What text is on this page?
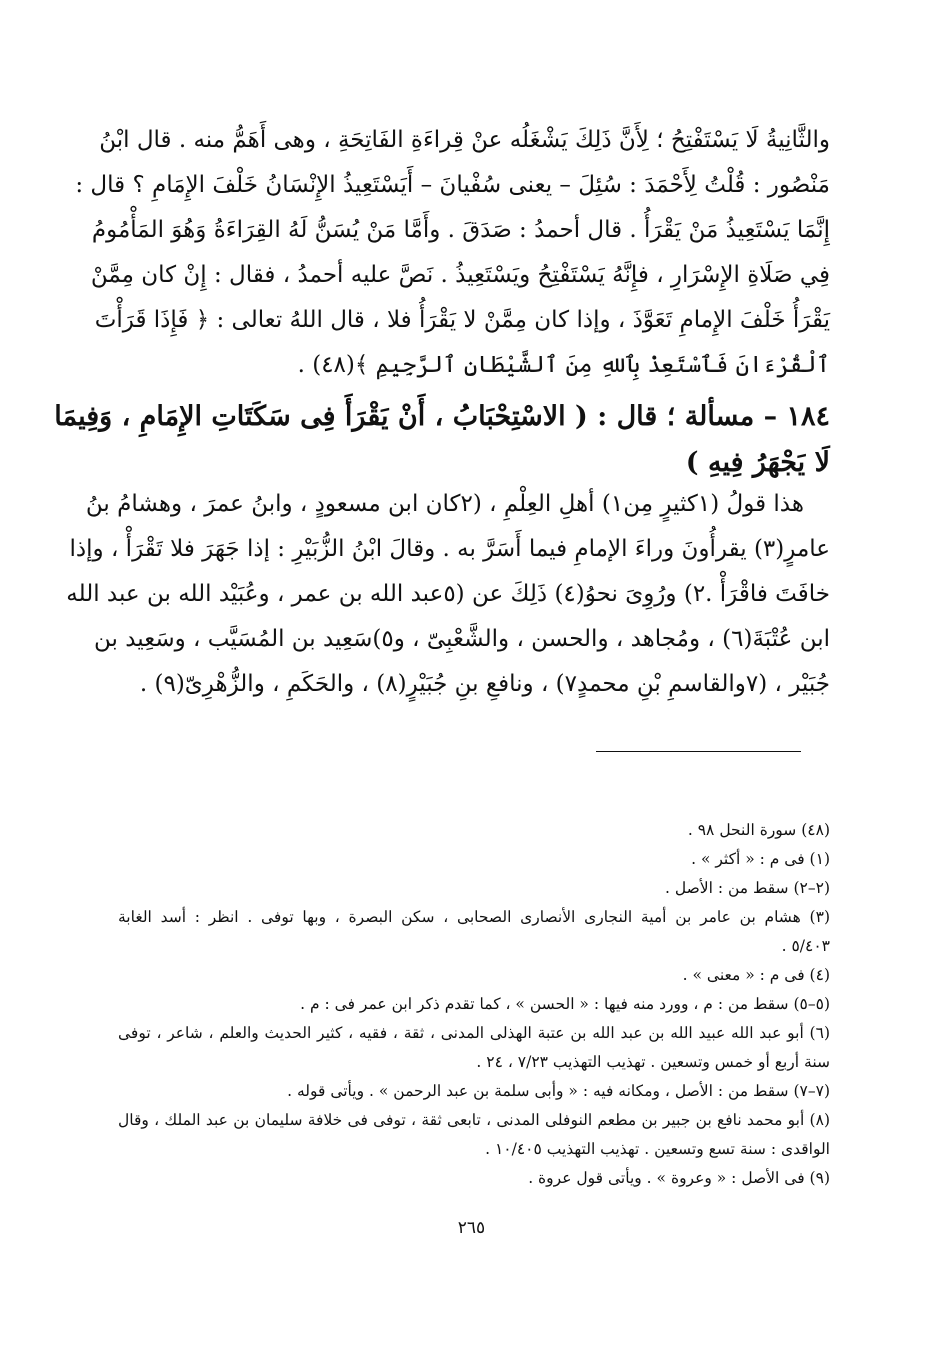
والثَّانِيةُ لَا يَسْتَفْتِحُ ؛ لِأَنَّ ذَلِكَ يَشْغَلُه عنْ قِراءَةِ الفَاتِحَةِ ، وهى أَهَمُّ منه . قال ابْنُ
مَنْصُور : قُلْتُ لِأَحْمَدَ : سُئِلَ – يعنى سُفْيانَ – أَيَسْتَعِيذُ الإِنْسَانُ خَلْفَ الإِمَامِ ؟ قال :
إِنَّمَا يَسْتَعِيذُ مَنْ يَقْرَأُ . قال أحمدُ : صَدَقَ . وأَمَّا مَنْ يُسَنُّ لَهُ القِرَاءَةُ وَهُوَ المَأْمُومُ
فِي صَلَاةِ الإِسْرَارِ ، فإِنَّهُ يَسْتَفْتِحُ ويَسْتَعِيذُ . نَصَّ عليه أحمدُ ، فقال : إِنْ كان مِمَّنْ
يَقْرَأُ خَلْفَ الإِمامِ تَعَوَّذَ ، وإذا كان مِمَّنْ لا يَقْرَأُ فلا ، قال اللهُ تعالى : ﴿ فَإِذَا قَرَأْتَ
ٱلْقُرْءَانَ فَٱسْتَعِذْ بِٱللهِ مِنَ ٱلشَّيْطَانِ ٱلرَّجِيمِ ﴾(٤٨) .
١٨٤ – مسألة ؛ قال : ( الاسْتِحْبَابُ ، أَنْ يَقْرَأَ فِى سَكَتَاتِ الإِمَامِ ، وَفِيمَا
لَا يَجْهَرُ فِيهِ )
هذا قولُ (١كثيرٍ مِن١) أهلِ العِلْمِ ، (٢كان ابن مسعودٍ ، وابنُ عمرَ ، وهشامُ بنُ
عامرٍ(٣) يقرأُونَ وراءَ الإمامِ فيما أَسَرَّ به . وقالَ ابْنُ الزُّبَيْرِ : إذا جَهَرَ فلا تَقْرَأْ ، وإذا
خافَتَ فاقْرَأْ .٢) ورُوِىَ نحوُ(٤) ذَلِكَ عن (٥عبد الله بن عمر ، وعُبَيْد الله بن عبد الله
ابن عُتْبَةَ(٦) ، ومُجاهد ، والحسن ، والشَّعْبِىّ ، و٥)سَعِيد بن المُسَيَّب ، وسَعِيد بن
جُبَيْر ، (٧والقاسمِ بْنِ محمدٍ٧) ، ونافعِ بنِ جُبَيْرٍ(٨) ، والحَكَمِ ، والزُّهْرِىّ(٩) .
(٤٨) سورة النحل ٩٨ .
(١) فى م : « أكثر » .
(٢–٢) سقط من : الأصل .
(٣) هشام بن عامر بن أمية النجارى الأنصارى الصحابى ، سكن البصرة ، وبها توفى . انظر : أسد الغابة
٥/٤٠٣ .
(٤) فى م : « معنى » .
(٥–٥) سقط من : م ، وورد منه فيها : « الحسن » ، كما تقدم ذكر ابن عمر فى : م .
(٦) أبو عبد الله عبيد الله بن عبد الله بن عتبة الهذلى المدنى ، ثقة ، فقيه ، كثير الحديث والعلم ، شاعر ، توفى
سنة أربع أو خمس وتسعين . تهذيب التهذيب ٧/٢٣ ، ٢٤ .
(٧–٧) سقط من : الأصل ، ومكانه فيه : « وأبى سلمة بن عبد الرحمن » . ويأتى قوله .
(٨) أبو محمد نافع بن جبير بن مطعم النوفلى المدنى ، تابعى ثقة ، توفى فى خلافة سليمان بن عبد الملك ، وقال
الواقدى : سنة تسع وتسعين . تهذيب التهذيب ١٠/٤٠٥ .
(٩) فى الأصل : « وعروة » . ويأتى قول عروة .
٢٦٥
